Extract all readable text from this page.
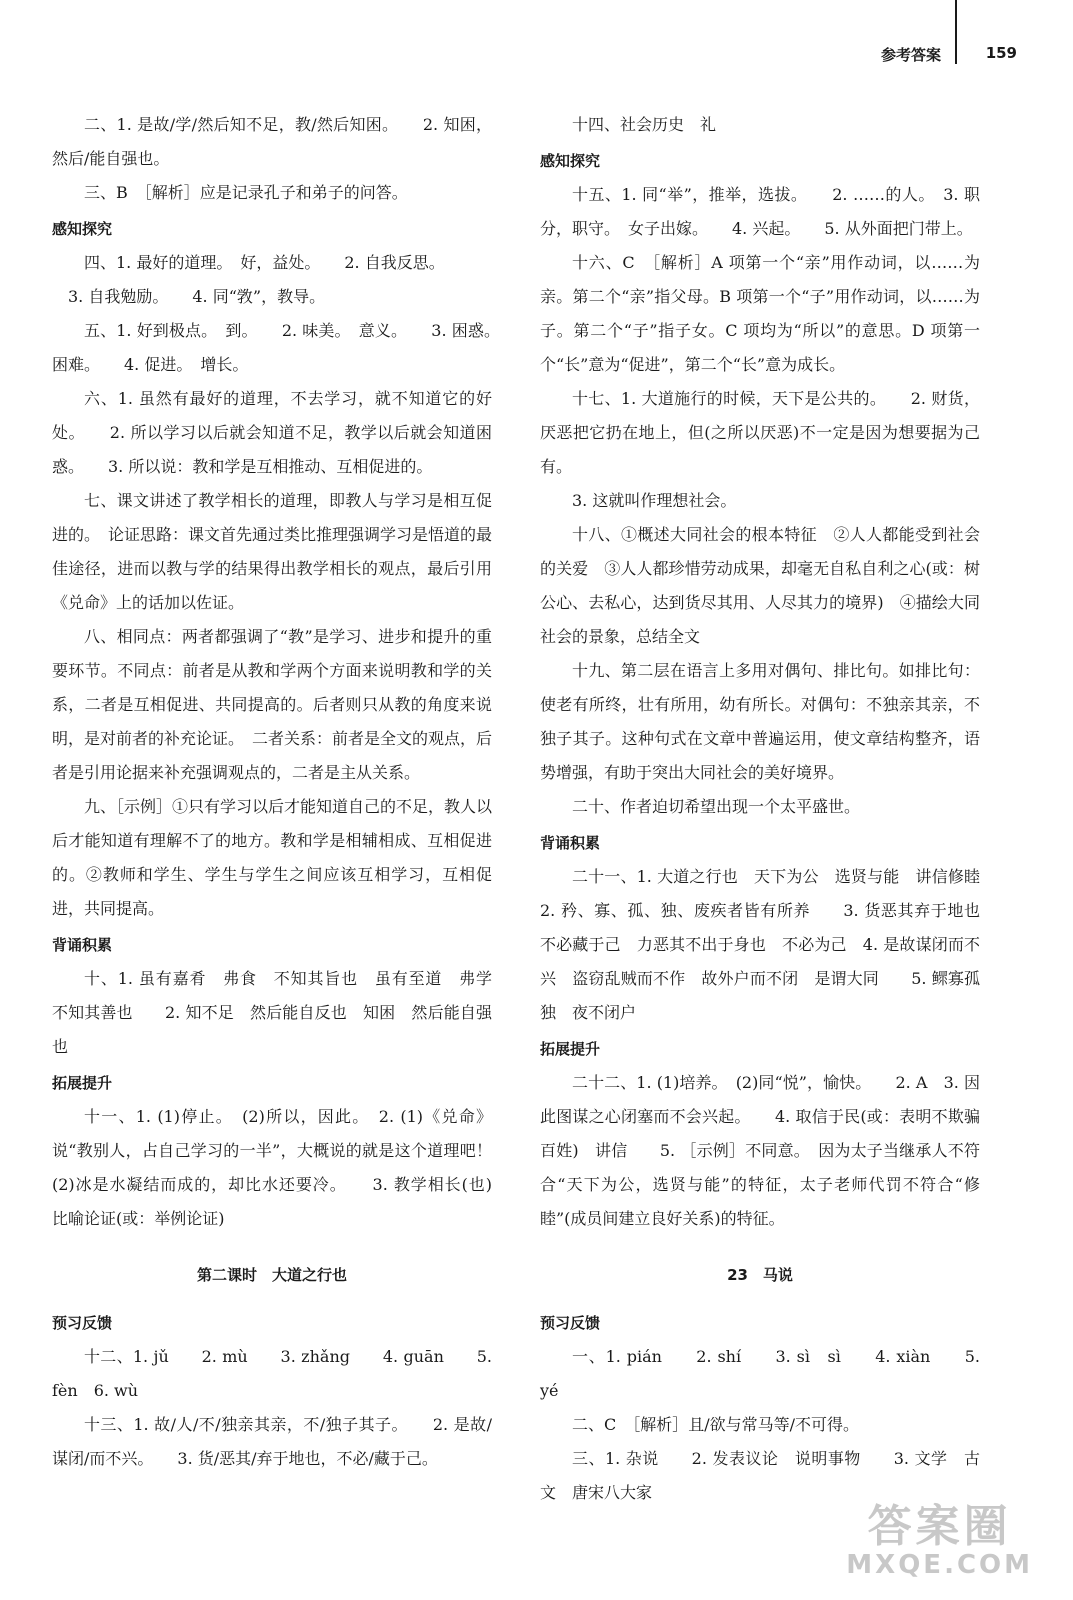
参考答案	159

二、1. 是故/学/然后知不足，教/然后知困。　　2. 知困，然后/能自强也。

三、B　［解析］应是记录孔子和弟子的问答。

感知探究

四、1. 最好的道理。　好，益处。　　2. 自我反思。

3. 自我勉励。　　4. 同“敩”，教导。

五、1. 好到极点。　到。　　2. 味美。　意义。　　3. 困惑。　困难。　　4. 促进。　增长。

六、1. 虽然有最好的道理，不去学习，就不知道它的好处。　　2. 所以学习以后就会知道不足，教学以后就会知道困惑。　　3. 所以说：教和学是互相推动、互相促进的。

七、课文讲述了教学相长的道理，即教人与学习是相互促进的。　论证思路：课文首先通过类比推理强调学习是悟道的最佳途径，进而以教与学的结果得出教学相长的观点，最后引用《兑命》上的话加以佐证。

八、相同点：两者都强调了“教”是学习、进步和提升的重要环节。不同点：前者是从教和学两个方面来说明教和学的关系，二者是互相促进、共同提高的。后者则只从教的角度来说明，是对前者的补充论证。　二者关系：前者是全文的观点，后者是引用论据来补充强调观点的，二者是主从关系。

九、［示例］①只有学习以后才能知道自己的不足，教人以后才能知道有理解不了的地方。教和学是相辅相成、互相促进的。②教师和学生、学生与学生之间应该互相学习，互相促进，共同提高。

背诵积累

十、1. 虽有嘉肴　弗食　不知其旨也　虽有至道　弗学　不知其善也　　2. 知不足　然后能自反也　知困　然后能自强也

拓展提升

十一、1. (1)停止。　(2)所以，因此。　2. (1)《兑命》说“教别人，占自己学习的一半”，大概说的就是这个道理吧！　(2)冰是水凝结而成的，却比水还要冷。　　3. 教学相长(也)　比喻论证(或：举例论证)

第二课时　大道之行也

预习反馈

十二、1. jǔ　　2. mù　　3. zhǎng　　4. guān　　5. fèn　6. wù

十三、1. 故/人/不/独亲其亲，不/独子其子。　　2. 是故/谋闭/而不兴。　　3. 货/恶其/弃于地也，不必/藏于己。

十四、社会历史　礼

感知探究

十五、1. 同“举”，推举，选拔。　　2. ……的人。　3. 职分，职守。　女子出嫁。　　4. 兴起。　　5. 从外面把门带上。

十六、C　［解析］A 项第一个“亲”用作动词，以……为亲。第二个“亲”指父母。B 项第一个“子”用作动词，以……为子。第二个“子”指子女。C 项均为“所以”的意思。D 项第一个“长”意为“促进”，第二个“长”意为成长。

十七、1. 大道施行的时候，天下是公共的。　　2. 财货，厌恶把它扔在地上，但(之所以厌恶)不一定是因为想要据为己有。

3. 这就叫作理想社会。

十八、①概述大同社会的根本特征　②人人都能受到社会的关爱　③人人都珍惜劳动成果，却毫无自私自利之心(或：树公心、去私心，达到货尽其用、人尽其力的境界)　④描绘大同社会的景象，总结全文

十九、第二层在语言上多用对偶句、排比句。如排比句：使老有所终，壮有所用，幼有所长。对偶句：不独亲其亲，不独子其子。这种句式在文章中普遍运用，使文章结构整齐，语势增强，有助于突出大同社会的美好境界。

二十、作者迫切希望出现一个太平盛世。

背诵积累

二十一、1. 大道之行也　天下为公　选贤与能　讲信修睦　　2. 矜、寡、孤、独、废疾者皆有所养　　3. 货恶其弃于地也　不必藏于己　力恶其不出于身也　不必为己　4. 是故谋闭而不兴　盗窃乱贼而不作　故外户而不闭　是谓大同　　5. 鳏寡孤独　夜不闭户

拓展提升

二十二、1. (1)培养。　(2)同“悦”，愉快。　　2. A　3. 因此图谋之心闭塞而不会兴起。　　4. 取信于民(或：表明不欺骗百姓)　讲信　　5. ［示例］不同意。　因为太子当继承人不符合“天下为公，选贤与能”的特征，太子老师代罚不符合“修睦”(成员间建立良好关系)的特征。

23　马说

预习反馈

一、1. pián　　2. shí　　3. sì　sì　　4. xiàn　　5. yé

二、C　［解析］且/欲与常马等/不可得。

三、1. 杂说　　2. 发表议论　说明事物　　3. 文学　古文　唐宋八大家

答案圈
MXQE.COM
